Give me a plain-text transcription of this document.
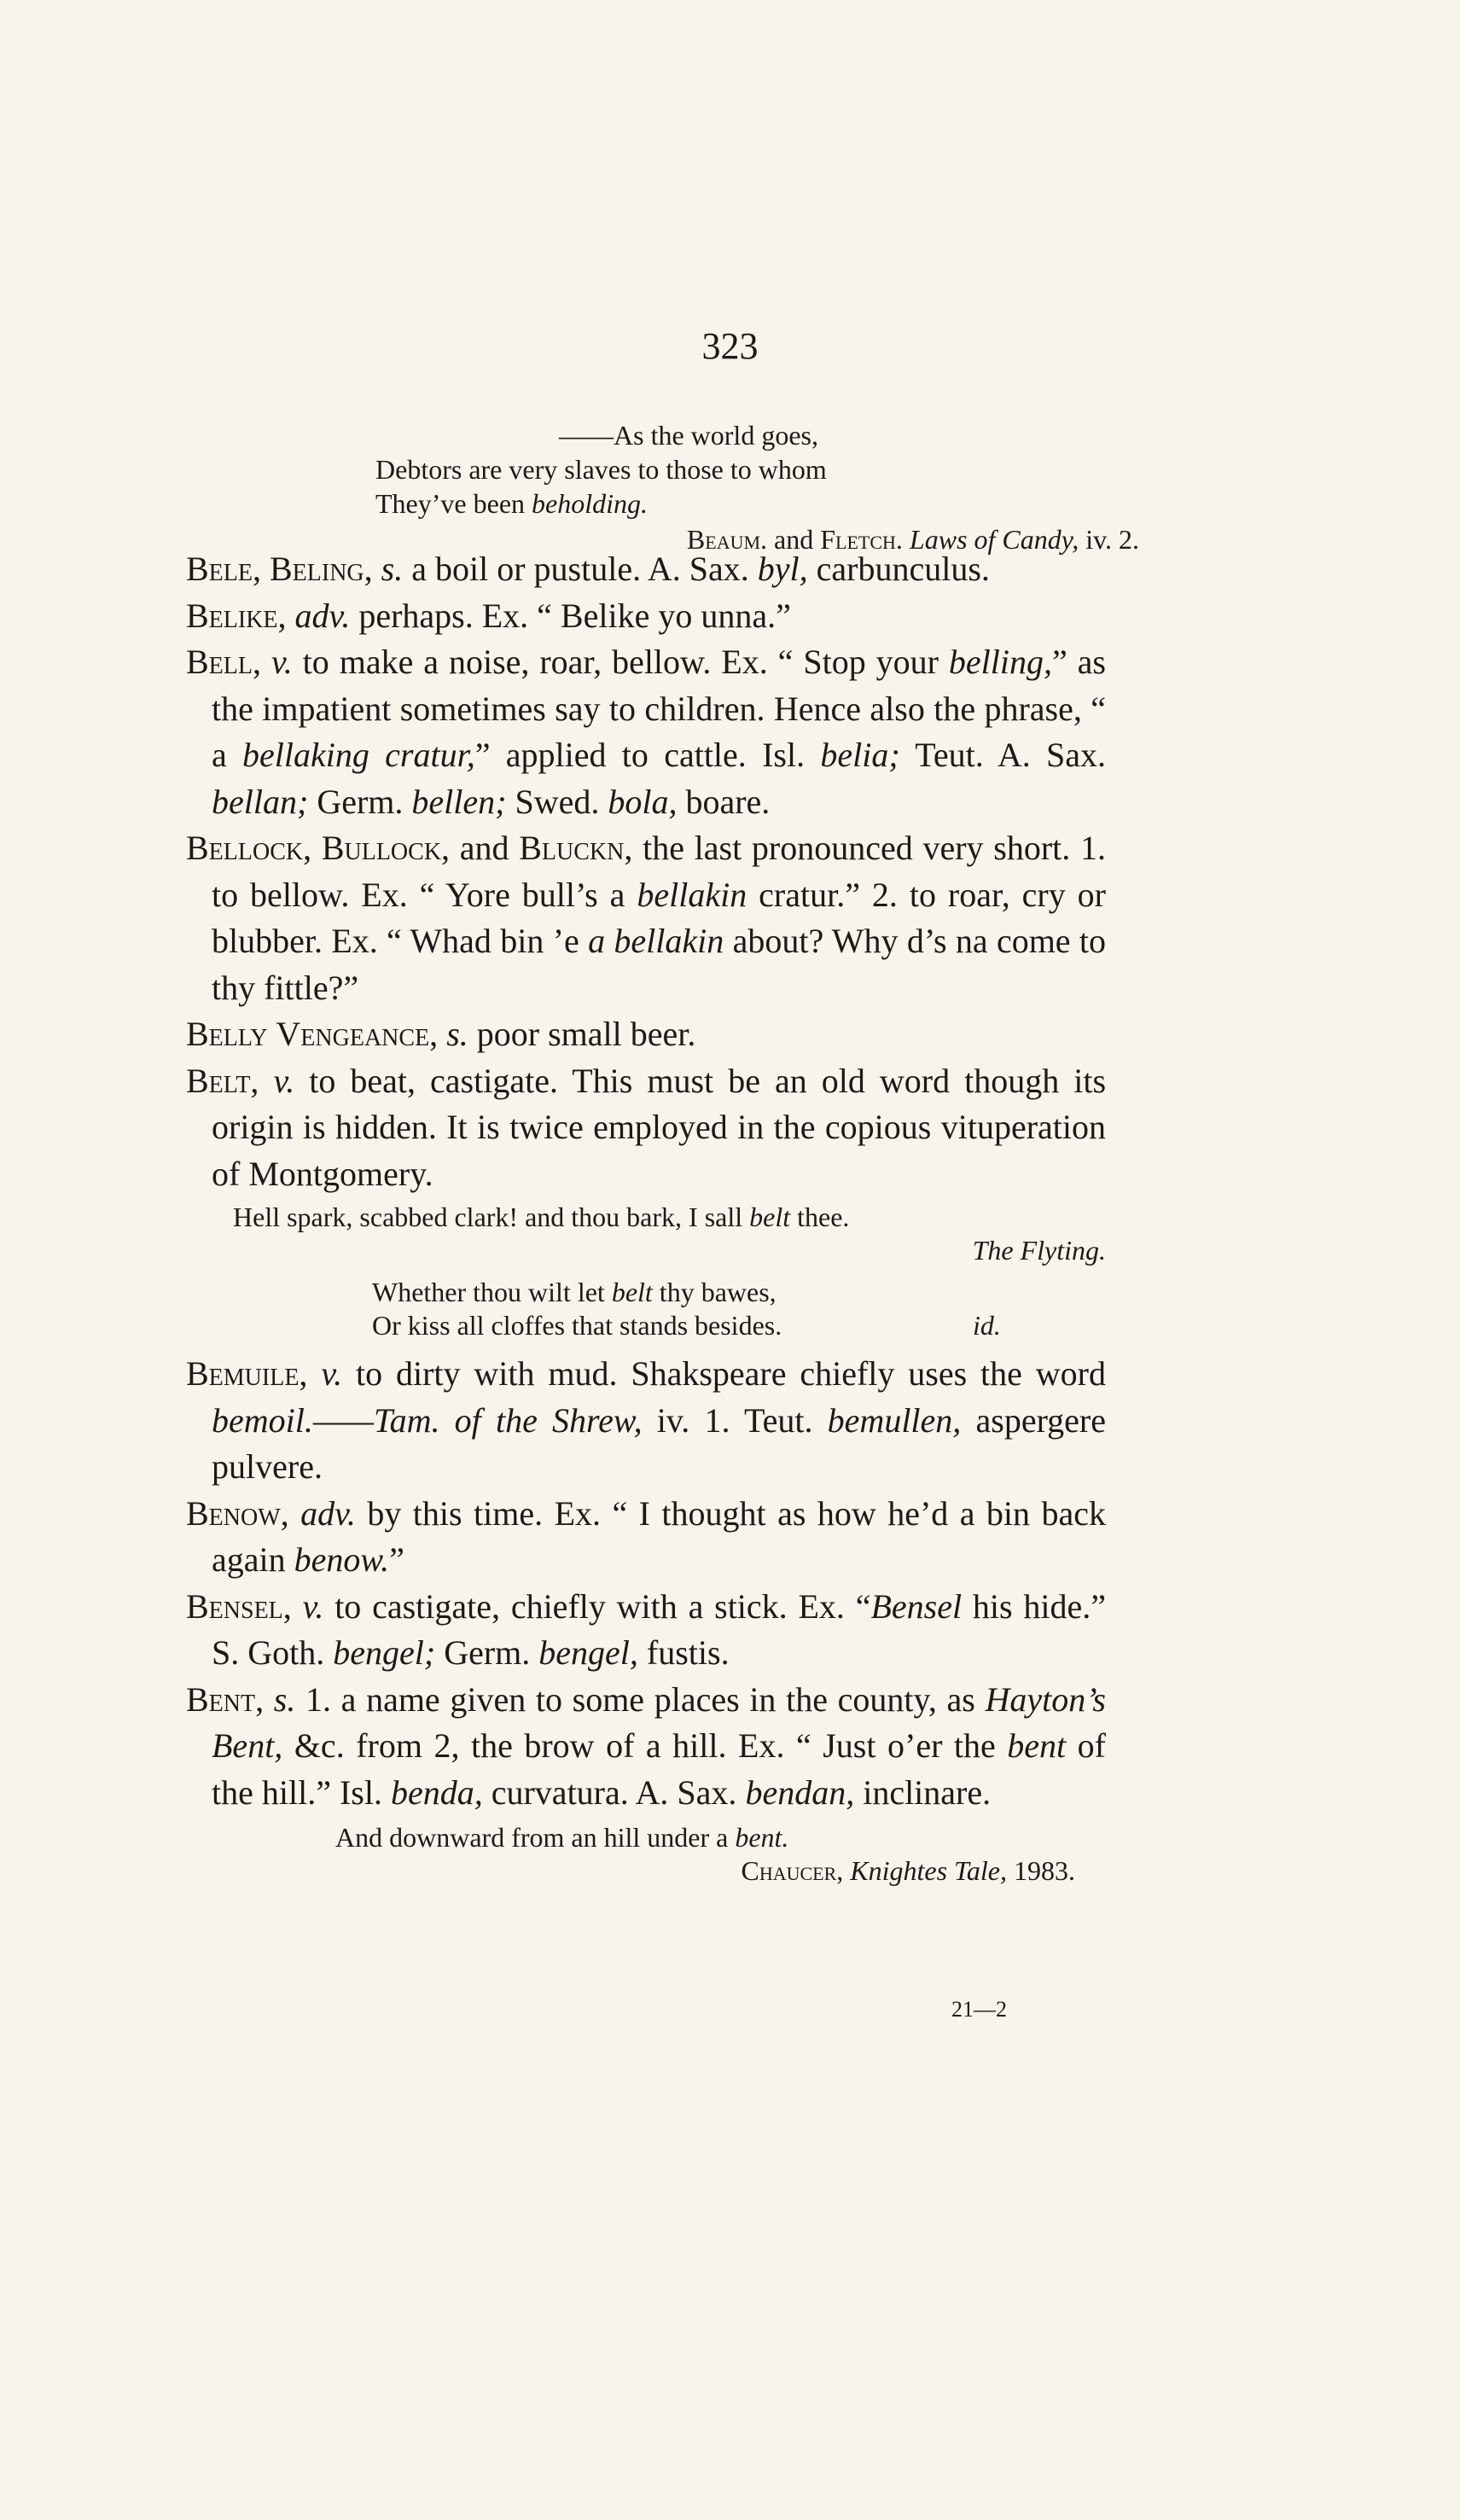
323
——As the world goes,
Debtors are very slaves to those to whom
They’ve been beholding.
Beaum. and Fletch. Laws of Candy, iv. 2.

Bele, Beling, s. a boil or pustule. A. Sax. byl, carbunculus.

Belike, adv. perhaps. Ex. “ Belike yo unna.”

Bell, v. to make a noise, roar, bellow. Ex. “ Stop your belling,” as the impatient sometimes say to children. Hence also the phrase, “ a bellaking cratur,” applied to cattle. Isl. belia; Teut. A. Sax. bellan; Germ. bellen; Swed. bola, boare.

Bellock, Bullock, and Bluckn, the last pronounced very short. 1. to bellow. Ex. “ Yore bull’s a bellakin cratur.” 2. to roar, cry or blubber. Ex. “ Whad bin ’e a bellakin about? Why d’s na come to thy fittle?”

Belly Vengeance, s. poor small beer.

Belt, v. to beat, castigate. This must be an old word though its origin is hidden. It is twice employed in the copious vituperation of Montgomery.

Hell spark, scabbed clark! and thou bark, I sall belt thee.
The Flyting.
Whether thou wilt let belt thy bawes,
Or kiss all cloffes that stands besides.	id.

Bemuile, v. to dirty with mud. Shakspeare chiefly uses the word bemoil.——Tam. of the Shrew, iv. 1. Teut. bemullen, aspergere pulvere.

Benow, adv. by this time. Ex. “ I thought as how he’d a bin back again benow.”

Bensel, v. to castigate, chiefly with a stick. Ex. “Bensel his hide.” S. Goth. bengel; Germ. bengel, fustis.

Bent, s. 1. a name given to some places in the county, as Hayton’s Bent, &c. from 2, the brow of a hill. Ex. “ Just o’er the bent of the hill.” Isl. benda, curvatura. A. Sax. bendan, inclinare.

And downward from an hill under a bent.
Chaucer, Knightes Tale, 1983.
21—2
